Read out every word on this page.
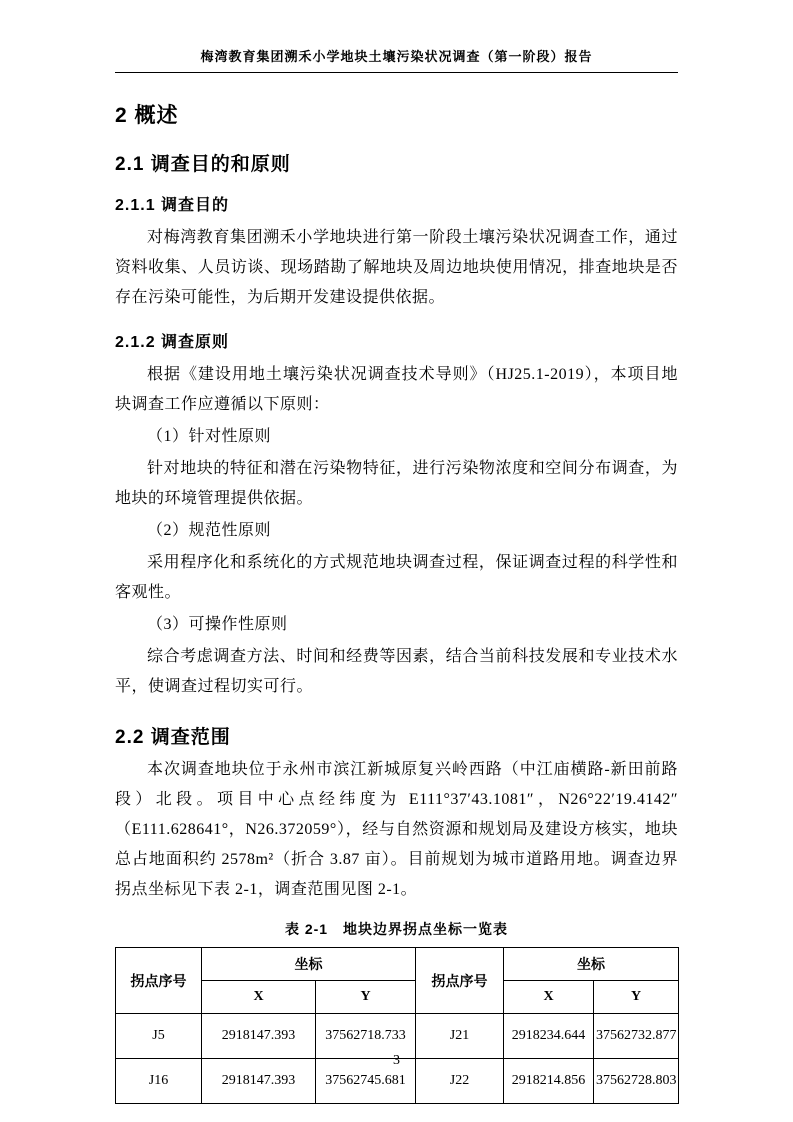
梅湾教育集团溯禾小学地块土壤污染状况调查（第一阶段）报告
2 概述
2.1 调查目的和原则
2.1.1 调查目的

对梅湾教育集团溯禾小学地块进行第一阶段土壤污染状况调查工作，通过资料收集、人员访谈、现场踏勘了解地块及周边地块使用情况，排查地块是否存在污染可能性，为后期开发建设提供依据。

2.1.2 调查原则

根据《建设用地土壤污染状况调查技术导则》（HJ25.1-2019），本项目地块调查工作应遵循以下原则：

（1）针对性原则

针对地块的特征和潜在污染物特征，进行污染物浓度和空间分布调查，为地块的环境管理提供依据。

（2）规范性原则

采用程序化和系统化的方式规范地块调查过程，保证调查过程的科学性和客观性。

（3）可操作性原则

综合考虑调查方法、时间和经费等因素，结合当前科技发展和专业技术水平，使调查过程切实可行。

2.2 调查范围

本次调查地块位于永州市滨江新城原复兴岭西路（中江庙横路-新田前路段）北段。项目中心点经纬度为 E111°37′43.1081″，N26°22′19.4142″（E111.628641°，N26.372059°），经与自然资源和规划局及建设方核实，地块总占地面积约 2578m²（折合 3.87 亩）。目前规划为城市道路用地。调查边界拐点坐标见下表 2-1，调查范围见图 2-1。

表 2-1　地块边界拐点坐标一览表
拐点序号	坐标		拐点序号	坐标	
	X	Y		X	Y
J5	2918147.393	37562718.733	J21	2918234.644	37562732.877
J16	2918147.393	37562745.681	J22	2918214.856	37562728.803
3
